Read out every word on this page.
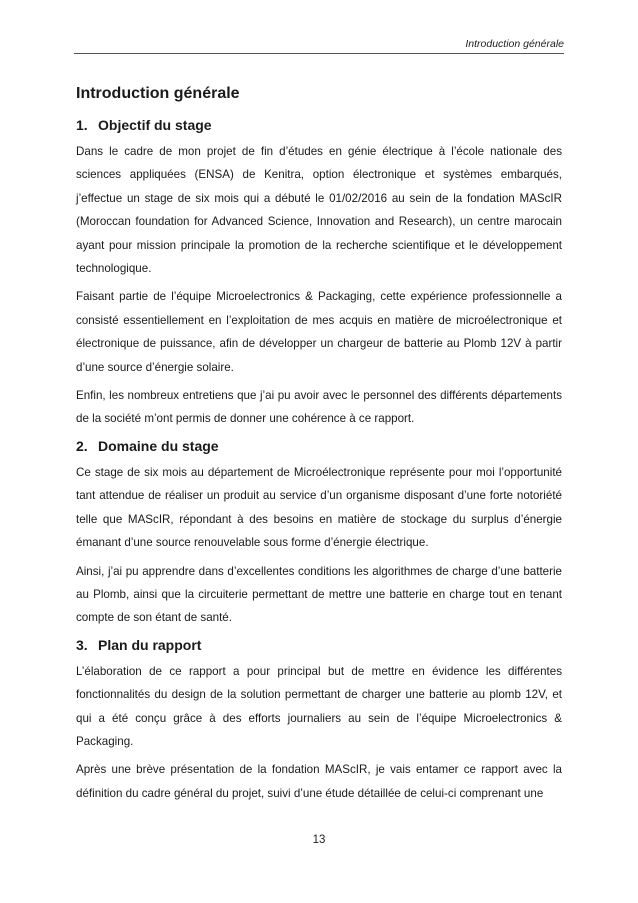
Introduction générale
Introduction générale
1. Objectif du stage

Dans le cadre de mon projet de fin d’études en génie électrique à l’école nationale des sciences appliquées (ENSA) de Kenitra, option électronique et systèmes embarqués, j’effectue un stage de six mois qui a débuté le 01/02/2016 au sein de la fondation MAScIR (Moroccan foundation for Advanced Science, Innovation and Research), un centre marocain ayant pour mission principale la promotion de la recherche scientifique et le développement technologique.

Faisant partie de l’équipe Microelectronics & Packaging, cette expérience professionnelle a consisté essentiellement en l’exploitation de mes acquis en matière de microélectronique et électronique de puissance, afin de développer un chargeur de batterie au Plomb 12V à partir d’une source d’énergie solaire.

Enfin, les nombreux entretiens que j’ai pu avoir avec le personnel des différents départements de la société m’ont permis de donner une cohérence à ce rapport.

2. Domaine du stage

Ce stage de six mois au département de Microélectronique représente pour moi l’opportunité tant attendue de réaliser un produit au service d’un organisme disposant d’une forte notoriété telle que MAScIR, répondant à des besoins en matière de stockage du surplus d’énergie émanant d’une source renouvelable sous forme d’énergie électrique.

Ainsi, j’ai pu apprendre dans d’excellentes conditions les algorithmes de charge d’une batterie au Plomb, ainsi que la circuiterie permettant de mettre une batterie en charge tout en tenant compte de son étant de santé.

3. Plan du rapport

L’élaboration de ce rapport a pour principal but de mettre en évidence les différentes fonctionnalités du design de la solution permettant de charger une batterie au plomb 12V, et qui a été conçu grâce à des efforts journaliers au sein de l’équipe Microelectronics & Packaging.

Après une brève présentation de la fondation MAScIR, je vais entamer ce rapport avec la définition du cadre général du projet, suivi d’une étude détaillée de celui-ci comprenant une

13
